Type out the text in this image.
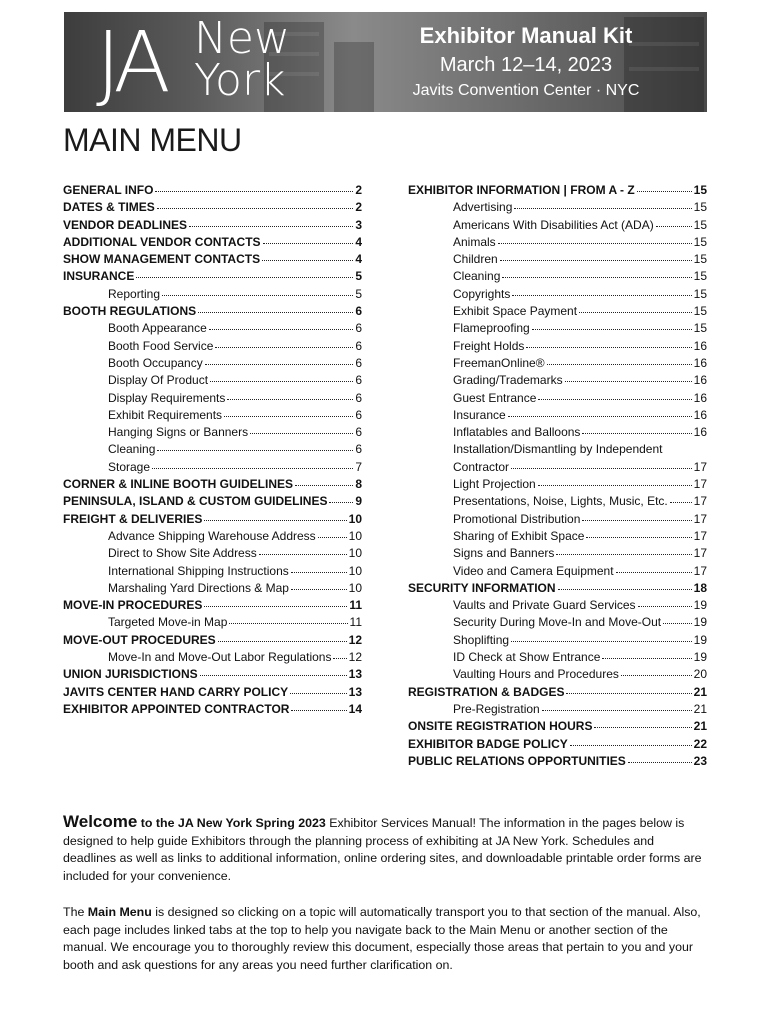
JA New
York
Exhibitor Manual Kit
March 12–14, 2023
Javits Convention Center · NYC
MAIN MENU
GENERAL INFO	2
DATES & TIMES	2
VENDOR DEADLINES	3
ADDITIONAL VENDOR CONTACTS	4
SHOW MANAGEMENT CONTACTS	4
INSURANCE	5
Reporting	5
BOOTH REGULATIONS	6
Booth Appearance	6
Booth Food Service	6
Booth Occupancy	6
Display Of Product	6
Display Requirements	6
Exhibit Requirements	6
Hanging Signs or Banners	6
Cleaning	6
Storage	7
CORNER & INLINE BOOTH GUIDELINES	8
PENINSULA, ISLAND & CUSTOM GUIDELINES 9
FREIGHT & DELIVERIES	10
Advance Shipping Warehouse Address	10
Direct to Show Site Address	10
International Shipping Instructions	10
Marshaling Yard Directions & Map	10
MOVE-IN PROCEDURES	11
Targeted Move-in Map	11
MOVE-OUT PROCEDURES	12
Move-In and Move-Out Labor Regulations 12
UNION JURISDICTIONS	13
JAVITS CENTER HAND CARRY POLICY	13
EXHIBITOR APPOINTED CONTRACTOR	14
EXHIBITOR INFORMATION | FROM A - Z	15
Advertising	15
Americans With Disabilities Act (ADA)	15
Animals	15
Children	15
Cleaning	15
Copyrights	15
Exhibit Space Payment	15
Flameproofing	15
Freight Holds	16
FreemanOnline®	16
Grading/Trademarks	16
Guest Entrance	16
Insurance	16
Inflatables and Balloons	16
Installation/Dismantling by Independent
Contractor	17
Light Projection	17
Presentations, Noise, Lights, Music, Etc. 17
Promotional Distribution	17
Sharing of Exhibit Space	17
Signs and Banners	17
Video and Camera Equipment	17
SECURITY INFORMATION	18
Vaults and Private Guard Services	19
Security During Move-In and Move-Out	19
Shoplifting	19
ID Check at Show Entrance	19
Vaulting Hours and Procedures	20
REGISTRATION & BADGES	21
Pre-Registration	21
ONSITE REGISTRATION HOURS	21
EXHIBITOR BADGE POLICY	22
PUBLIC RELATIONS OPPORTUNITIES	23

Welcome to the JA New York Spring 2023 Exhibitor Services Manual! The information in the pages below is designed to help guide Exhibitors through the planning process of exhibiting at JA New York. Schedules and deadlines as well as links to additional information, online ordering sites, and downloadable printable order forms are included for your convenience.

The Main Menu is designed so clicking on a topic will automatically transport you to that section of the manual. Also, each page includes linked tabs at the top to help you navigate back to the Main Menu or another section of the manual. We encourage you to thoroughly review this document, especially those areas that pertain to you and your booth and ask questions for any areas you need further clarification on.
